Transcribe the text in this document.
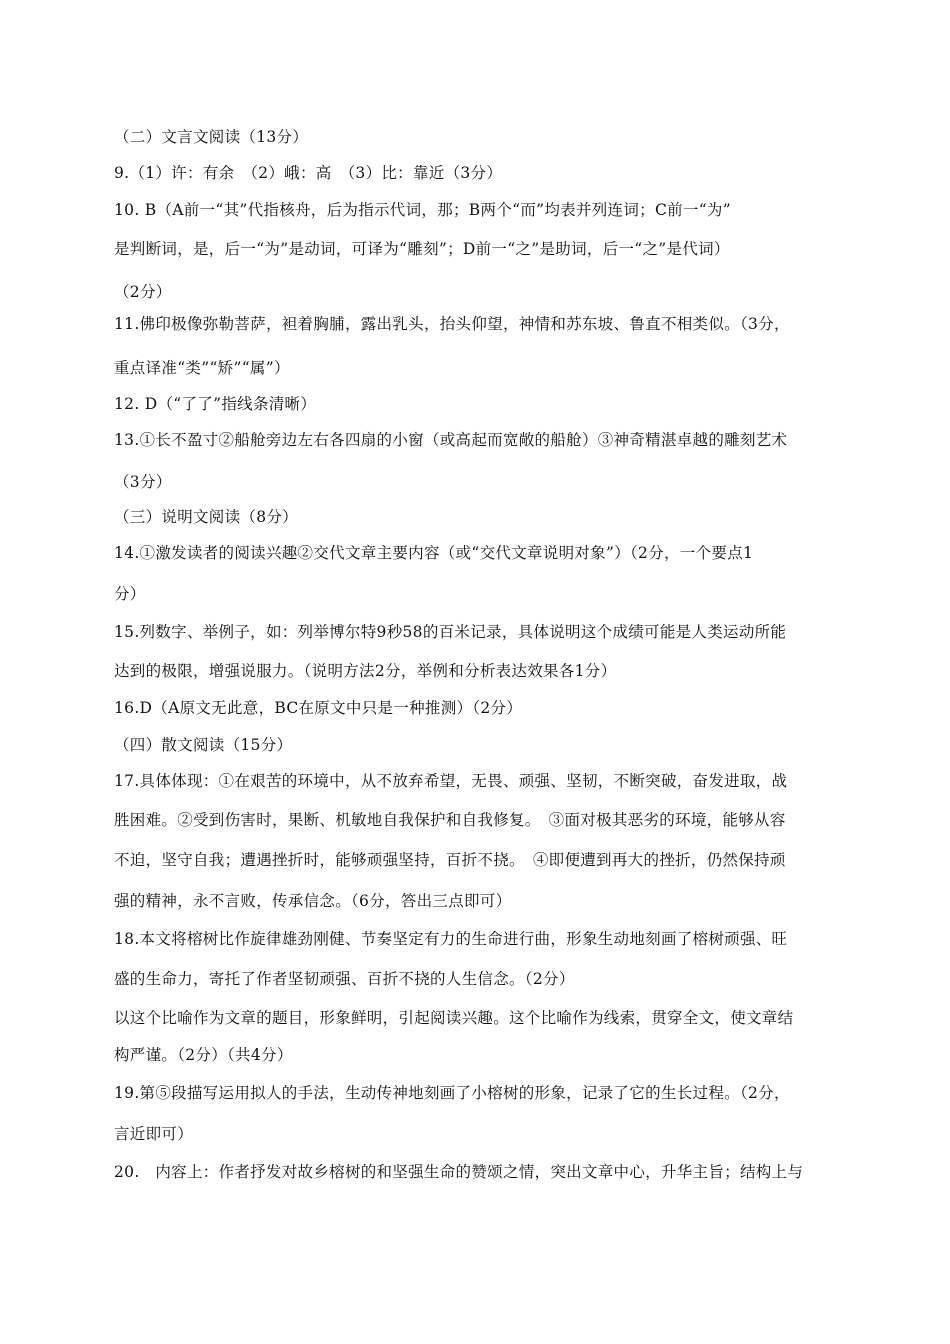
（二）文言文阅读（13分）
9.（1）许：有余　（2）峨：高　（3）比：靠近（3分）
10. B（A前一“其”代指核舟，后为指示代词，那；B两个“而”均表并列连词；C前一“为”
是判断词，是，后一“为”是动词，可译为“雕刻”；D前一“之”是助词，后一“之”是代词）
（2分）
11.佛印极像弥勒菩萨，袒着胸脯，露出乳头，抬头仰望，神情和苏东坡、鲁直不相类似。（3分，
重点译准“类”“矫”“属”）
12. D（“了了”指线条清晰）
13.①长不盈寸②船舱旁边左右各四扇的小窗（或高起而宽敞的船舱）③神奇精湛卓越的雕刻艺术
（3分）
（三）说明文阅读（8分）
14.①激发读者的阅读兴趣②交代文章主要内容（或“交代文章说明对象”）（2分，一个要点1
分）
15.列数字、举例子，如：列举博尔特9秒58的百米记录，具体说明这个成绩可能是人类运动所能
达到的极限，增强说服力。（说明方法2分，举例和分析表达效果各1分）
16.D（A原文无此意，BC在原文中只是一种推测）（2分）
（四）散文阅读（15分）
17.具体体现：①在艰苦的环境中，从不放弃希望，无畏、顽强、坚韧，不断突破，奋发进取，战
胜困难。②受到伤害时，果断、机敏地自我保护和自我修复。　③面对极其恶劣的环境，能够从容
不迫，坚守自我；遭遇挫折时，能够顽强坚持，百折不挠。　④即便遭到再大的挫折，仍然保持顽
强的精神，永不言败，传承信念。（6分，答出三点即可）
18.本文将榕树比作旋律雄劲刚健、节奏坚定有力的生命进行曲，形象生动地刻画了榕树顽强、旺
盛的生命力，寄托了作者坚韧顽强、百折不挠的人生信念。（2分）
以这个比喻作为文章的题目，形象鲜明，引起阅读兴趣。这个比喻作为线索，贯穿全文，使文章结
构严谨。（2分）（共4分）
19.第⑤段描写运用拟人的手法，生动传神地刻画了小榕树的形象，记录了它的生长过程。（2分，
言近即可）
20.　内容上：作者抒发对故乡榕树的和坚强生命的赞颂之情，突出文章中心，升华主旨；结构上与
